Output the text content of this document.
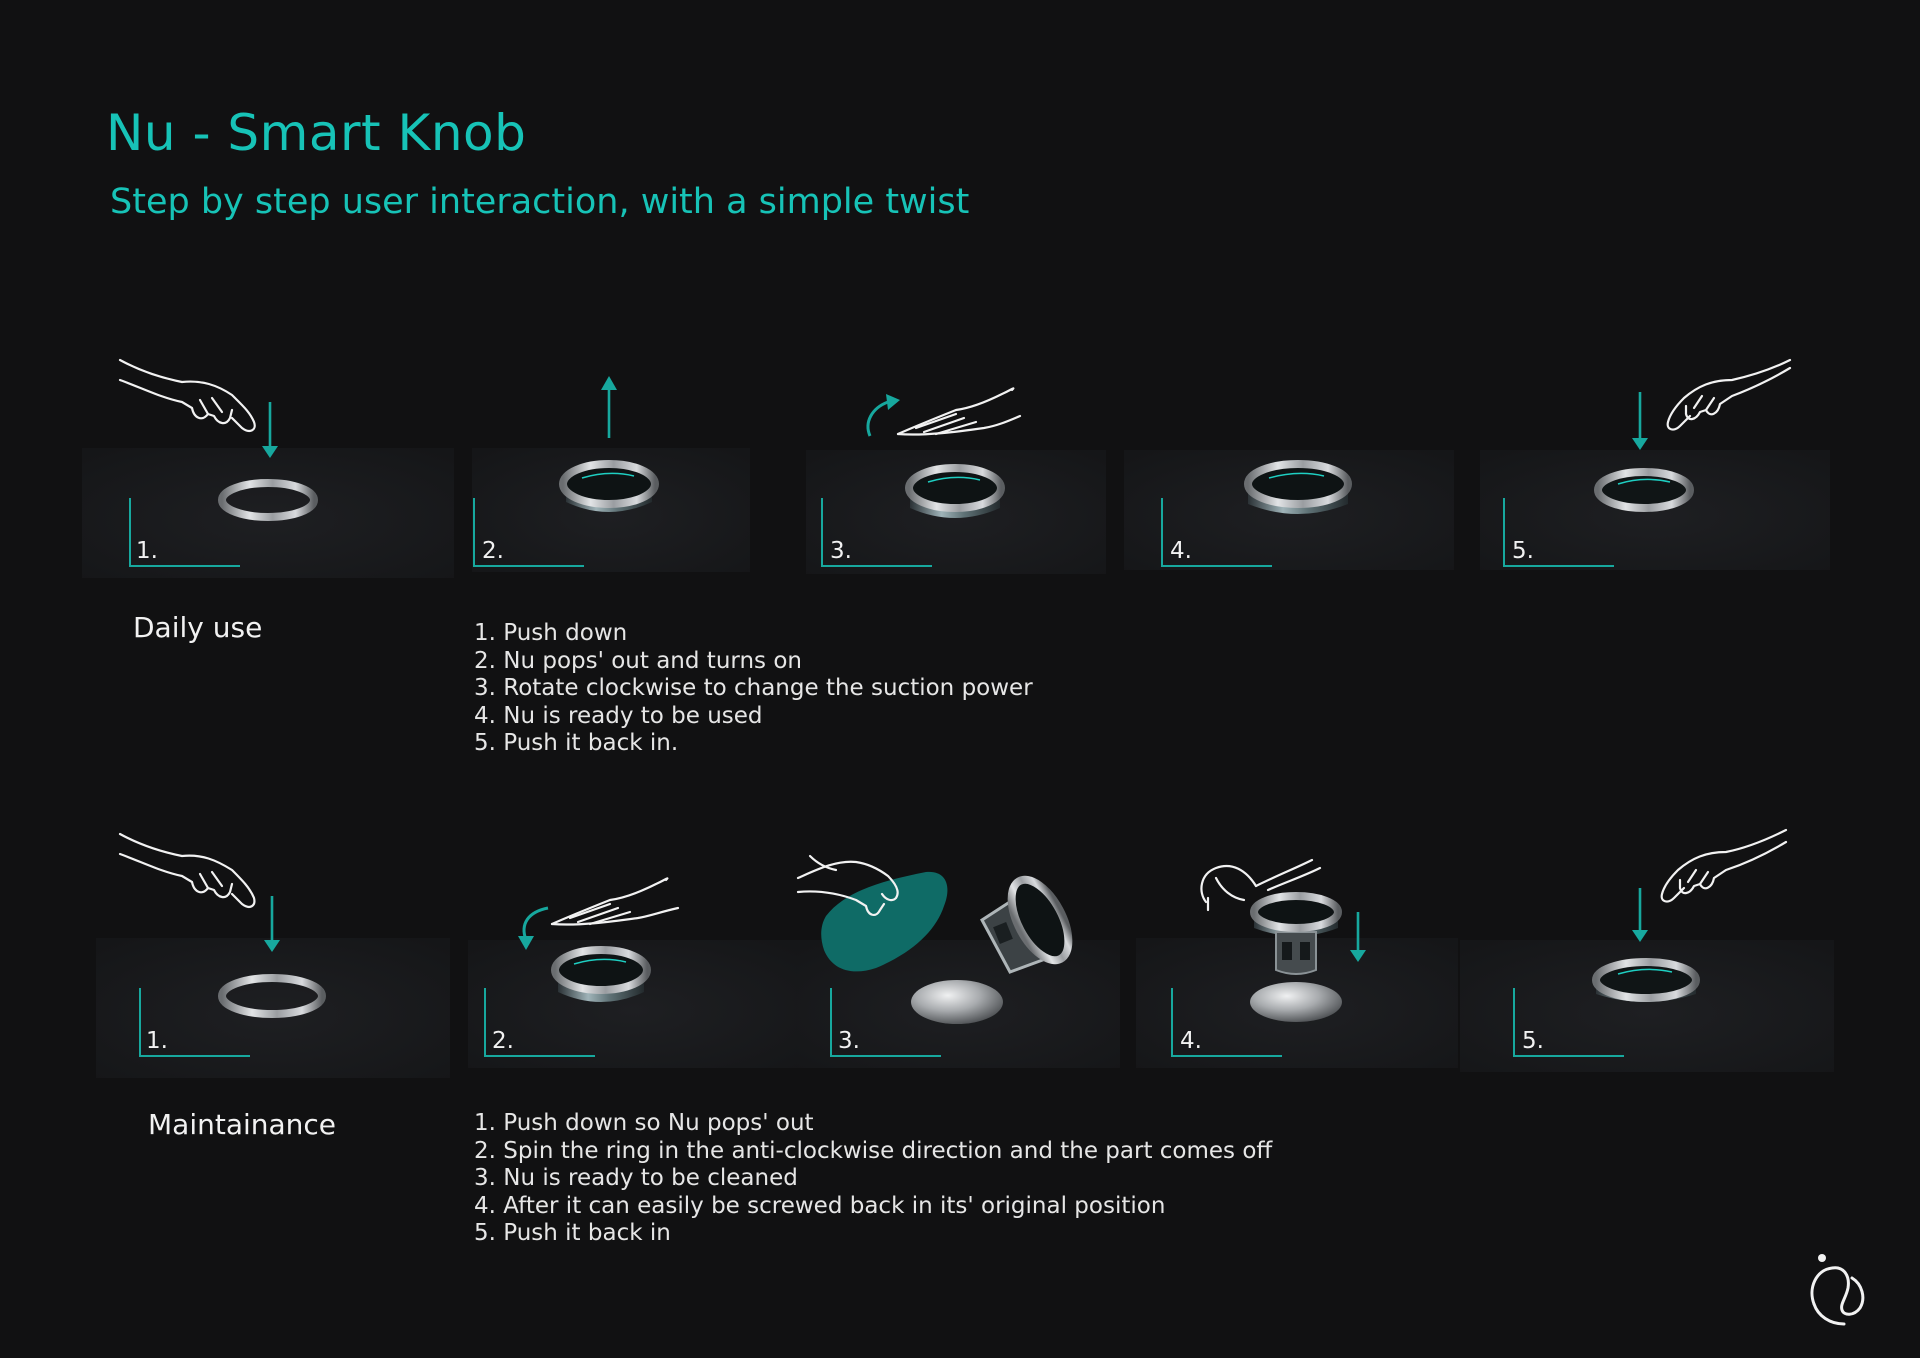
Nu - Smart Knob
Step by step user interaction, with a simple twist
1.	2.	3.	4.	5.
Daily use	1. Push down
2. Nu pops' out and turns on
3. Rotate clockwise to change the suction power
4. Nu is ready to be used
5. Push it back in.
1.	2.	3.	4.	5.
Maintainance	1. Push down so Nu pops' out
2. Spin the ring in the anti-clockwise direction and the part comes off
3. Nu is ready to be cleaned
4. After it can easily be screwed back in its' original position
5. Push it back in
